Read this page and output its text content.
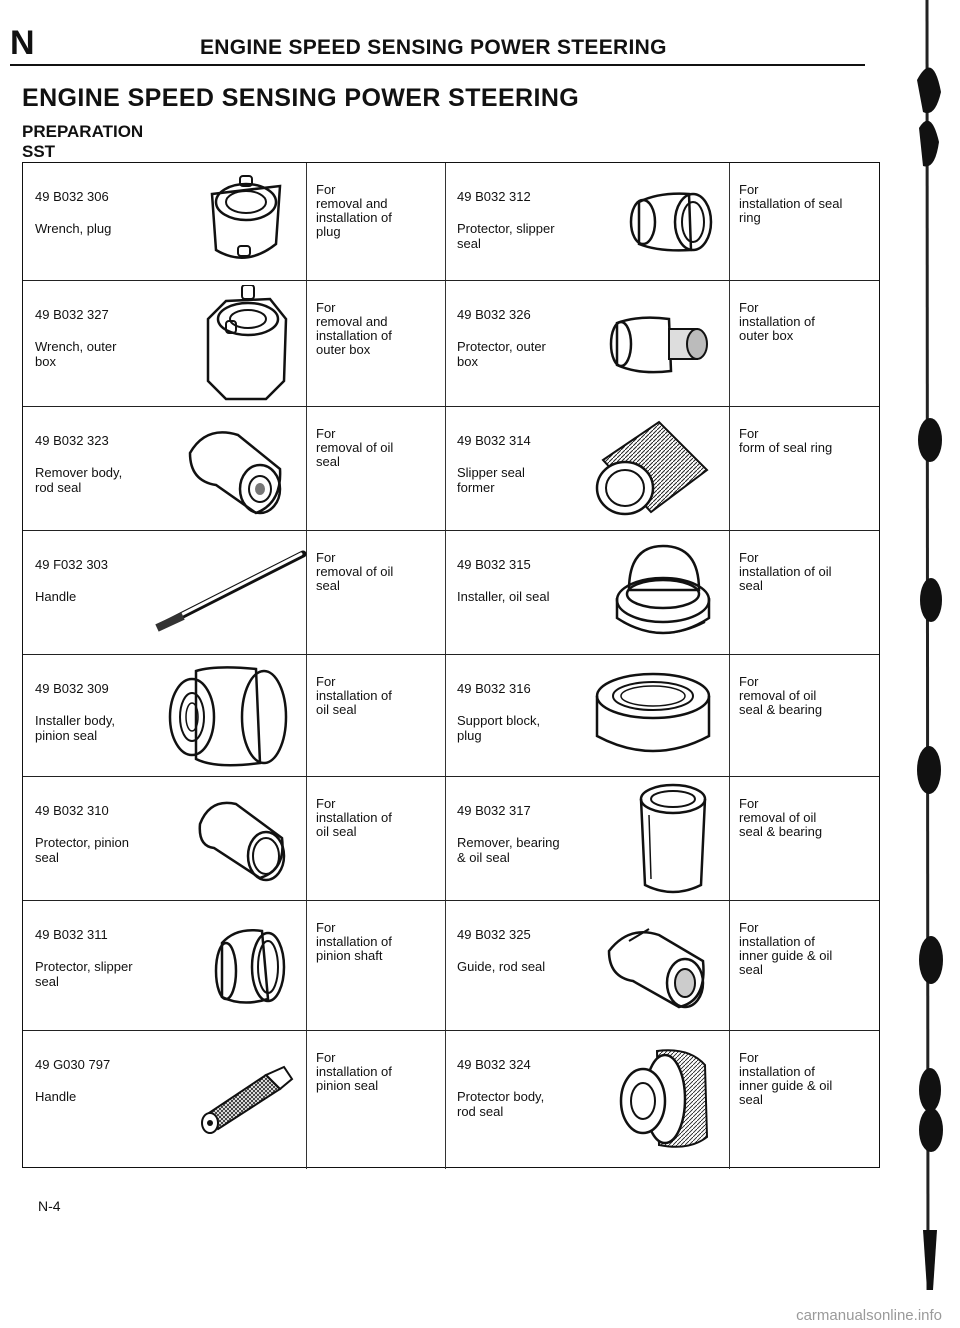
N	ENGINE SPEED SENSING POWER STEERING
ENGINE SPEED SENSING POWER STEERING
PREPARATION
SST
49 B032 306
Wrench, plug
For
removal and
installation of
plug
49 B032 312
Protector, slipper
seal
For
installation of seal
ring
49 B032 327
Wrench, outer
box
For
removal and
installation of
outer box
49 B032 326
Protector, outer
box
For
installation of
outer box
49 B032 323
Remover body,
rod seal
For
removal of oil
seal
49 B032 314
Slipper seal
former
For
form of seal ring
49 F032 303
Handle
For
removal of oil
seal
49 B032 315
Installer, oil seal
For
installation of oil
seal
49 B032 309
Installer body,
pinion seal
For
installation of
oil seal
49 B032 316
Support block,
plug
For
removal of oil
seal & bearing
49 B032 310
Protector, pinion
seal
For
installation of
oil seal
49 B032 317
Remover, bearing
& oil seal
For
removal of oil
seal & bearing
49 B032 311
Protector, slipper
seal
For
installation of
pinion shaft
49 B032 325
Guide, rod seal
For
installation of
inner guide & oil
seal
49 G030 797
Handle
For
installation of
pinion seal
49 B032 324
Protector body,
rod seal
For
installation of
inner guide & oil
seal
N-4
carmanualsonline.info
